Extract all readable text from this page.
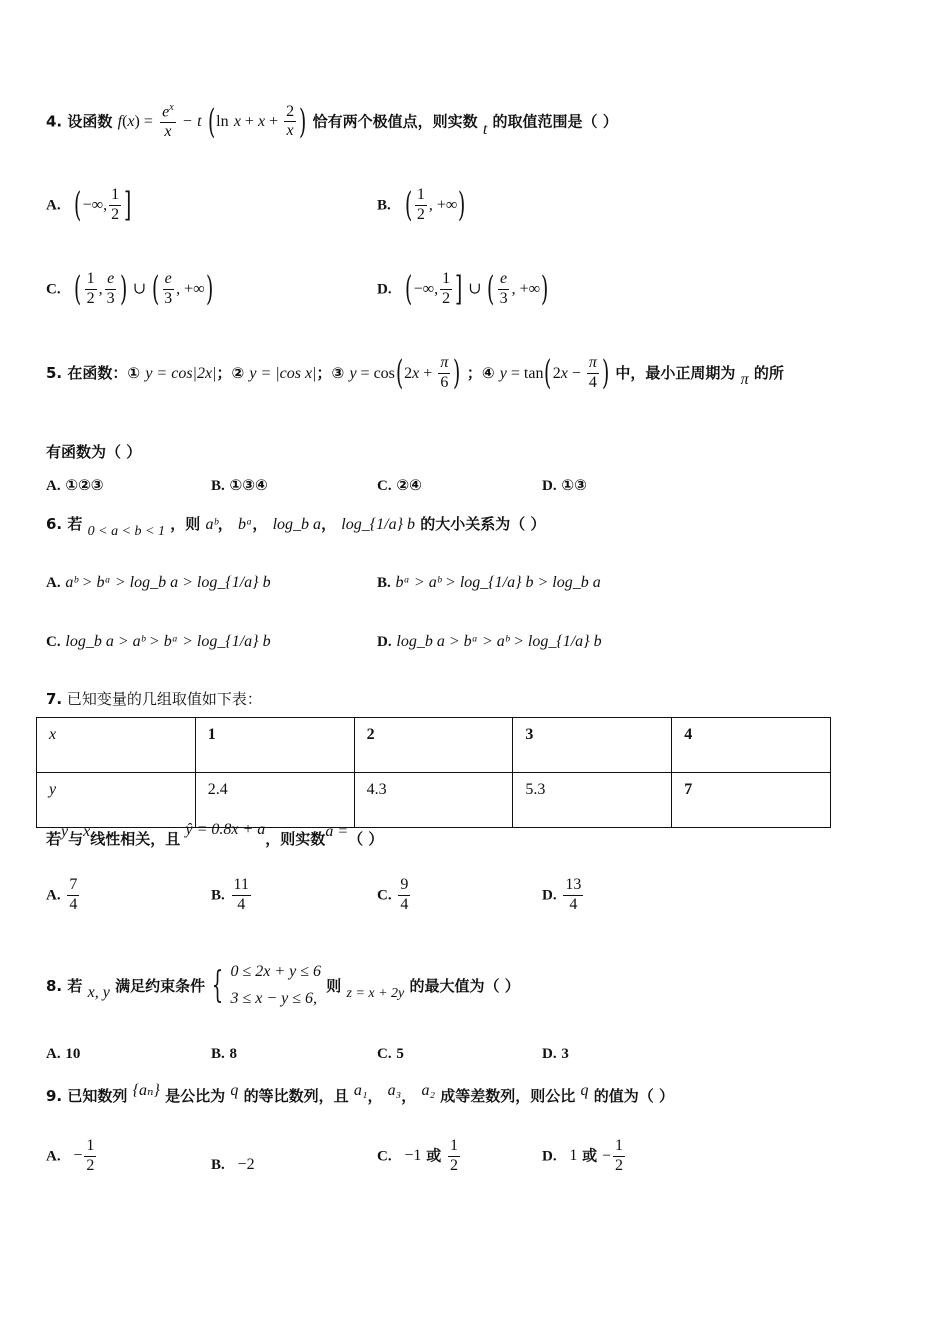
4. 设函数 $f(x) = \frac{e^x}{x} - t$ (ln $x + x + \frac{2}{x}$ ) 恰有两个极值点，则实数 t 的取值范围是（ ）
A. (−∞, $\frac{1}{2}$ ]	B. ( $\frac{1}{2}$ , +∞)
C. ( $\frac{1}{2}$ , $\frac{e}{3}$ ) ∪ ( $\frac{e}{3}$ , +∞)	D. (−∞, $\frac{1}{2}$ ] ∪ ( $\frac{e}{3}$ , +∞)
5. 在函数：① y = cos|2x|；② y = |cos x|；③ $y = \cos(2x + \frac{\pi}{6}$ ) ；④ $y = \tan(2x - \frac{\pi}{4}$ ) 中，最小正周期为 π 的所
有函数为（ ）
A. ①②③	B. ①③④	C. ②④	D. ①③
6. 若 0 < a < b < 1 ，则 aᵇ， bᵃ， log_b a， log_{1/a} b 的大小关系为（ ）
A. aᵇ > bᵃ > log_b a > log_{1/a} b	B. bᵃ > aᵇ > log_{1/a} b > log_b a
C. log_b a > aᵇ > bᵃ > log_{1/a} b	D. log_b a > bᵃ > aᵇ > log_{1/a} b
7. 已知变量的几组取值如下表：
x	1	2	3	4
y	2.4	4.3	5.3	7
若y与x线性相关，且 ŷ = 0.8x + a，则实数a =（ ）
A. $\frac{7}{4}$	B. $\frac{11}{4}$	C. $\frac{9}{4}$	D. $\frac{13}{4}$
8. 若 x, y 满足约束条件 { 0 ≤ 2x + y ≤ 6
3 ≤ x − y ≤ 6,
则 z = x + 2y 的最大值为（ ）
A. 10	B. 8	C. 5	D. 3
9. 已知数列 {aₙ} 是公比为 q 的等比数列，且 a₁， a₃， a₂ 成等差数列，则公比 q 的值为（ ）
A. − $\frac{1}{2}$	B. −2	C. −1 或 $\frac{1}{2}$	D. 1 或 − $\frac{1}{2}$
